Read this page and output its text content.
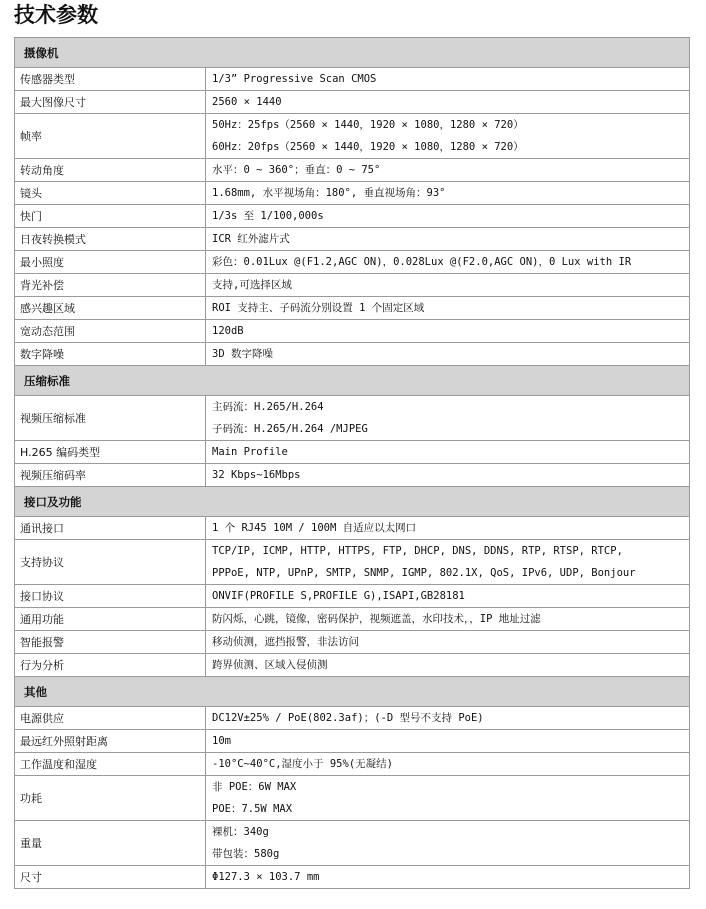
技术参数
摄像机	
传感器类型	1/3” Progressive Scan CMOS

最大图像尺寸	2560 × 1440

帧率	50Hz：25fps（2560 × 1440，1920 × 1080，1280 × 720）
60Hz：20fps（2560 × 1440，1920 × 1080，1280 × 720）

转动角度	水平：0 ~ 360°；垂直：0 ~ 75°

镜头	1.68mm, 水平视场角：180°, 垂直视场角：93°

快门	1/3s 至 1/100,000s

日夜转换模式	ICR 红外滤片式

最小照度	彩色：0.01Lux @(F1.2,AGC ON)，0.028Lux @(F2.0,AGC ON)，0 Lux with IR

背光补偿	支持,可选择区域

感兴趣区域	ROI 支持主、子码流分别设置 1 个固定区域

宽动态范围	120dB

数字降噪	3D 数字降噪

压缩标准	
视频压缩标准	主码流：H.265/H.264
子码流：H.265/H.264 /MJPEG

H.265 编码类型	Main Profile

视频压缩码率	32 Kbps~16Mbps

接口及功能	
通讯接口	1 个 RJ45 10M / 100M 自适应以太网口

支持协议	TCP/IP, ICMP, HTTP, HTTPS, FTP, DHCP, DNS, DDNS, RTP, RTSP, RTCP,
PPPoE, NTP, UPnP, SMTP, SNMP, IGMP, 802.1X, QoS, IPv6, UDP, Bonjour

接口协议	ONVIF(PROFILE S,PROFILE G),ISAPI,GB28181

通用功能	防闪烁，心跳，镜像，密码保护，视频遮盖，水印技术，，IP 地址过滤

智能报警	移动侦测，遮挡报警，非法访问

行为分析	跨界侦测、区域入侵侦测

其他	
电源供应	DC12V±25% / PoE(802.3af)；(-D 型号不支持 PoE)

最远红外照射距离	10m

工作温度和湿度	-10°C~40°C,湿度小于 95%(无凝结)

功耗	非 POE：6W MAX
POE：7.5W MAX

重量	裸机：340g
带包装：580g

尺寸	Φ127.3 × 103.7 mm
